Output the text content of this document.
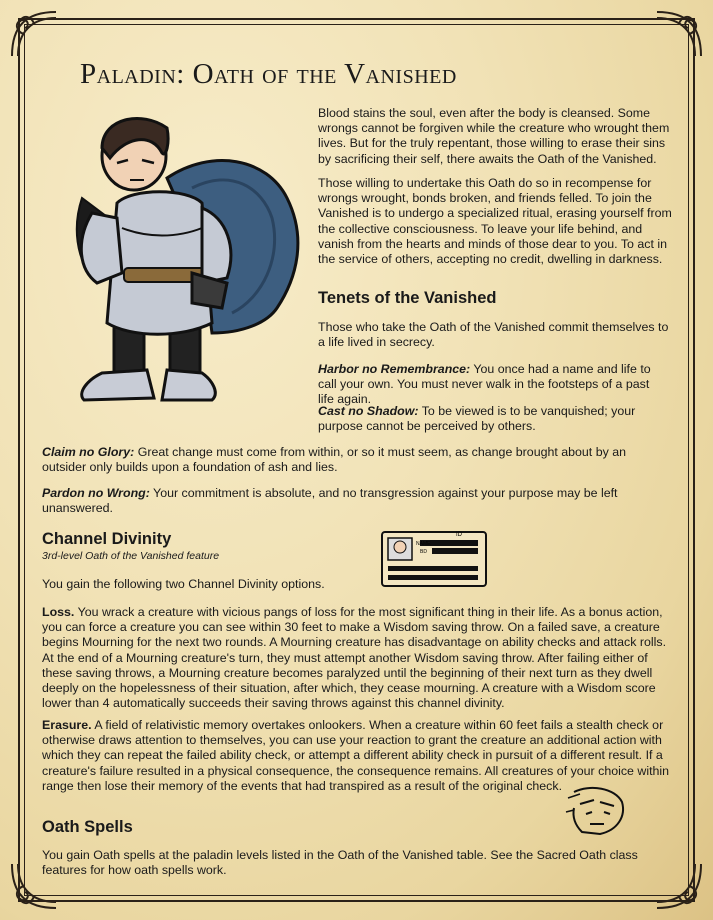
Paladin: Oath of the Vanished

Blood stains the soul, even after the body is cleansed. Some wrongs cannot be forgiven while the creature who wrought them lives. But for the truly repentant, those willing to erase their sins by sacrificing their self, there awaits the Oath of the Vanished.

Those willing to undertake this Oath do so in recompense for wrongs wrought, bonds broken, and friends felled. To join the Vanished is to undergo a specialized ritual, erasing yourself from the collective consciousness. To leave your life behind, and vanish from the hearts and minds of those dear to you. To act in the service of others, accepting no credit, dwelling in darkness.

Tenets of the Vanished

Those who take the Oath of the Vanished commit themselves to a life lived in secrecy.

Harbor no Remembrance: You once had a name and life to call your own. You must never walk in the footsteps of a past life again.

Cast no Shadow: To be viewed is to be vanquished; your purpose cannot be perceived by others.

Claim no Glory: Great change must come from within, or so it must seem, as change brought about by an outsider only builds upon a foundation of ash and lies.

Pardon no Wrong: Your commitment is absolute, and no transgression against your purpose may be left unanswered.

Channel Divinity

3rd-level Oath of the Vanished feature

You gain the following two Channel Divinity options.

ID
NAME
BD

Loss. You wrack a creature with vicious pangs of loss for the most significant thing in their life. As a bonus action, you can force a creature you can see within 30 feet to make a Wisdom saving throw. On a failed save, a creature begins Mourning for the next two rounds. A Mourning creature has disadvantage on ability checks and attack rolls. At the end of a Mourning creature's turn, they must attempt another Wisdom saving throw. After failing either of these saving throws, a Mourning creature becomes paralyzed until the beginning of their next turn as they dwell deeply on the hopelessness of their situation, after which, they cease mourning. A creature with a Wisdom score lower than 4 automatically succeeds their saving throws against this channel divinity.

Erasure. A field of relativistic memory overtakes onlookers. When a creature within 60 feet fails a stealth check or otherwise draws attention to themselves, you can use your reaction to grant the creature an additional action with which they can repeat the failed ability check, or attempt a different ability check in pursuit of a different result. If a creature's failure resulted in a physical consequence, the consequence remains. All creatures of your choice within range then lose their memory of the events that had transpired as a result of the original check.

Oath Spells

You gain Oath spells at the paladin levels listed in the Oath of the Vanished table. See the Sacred Oath class features for how oath spells work.
